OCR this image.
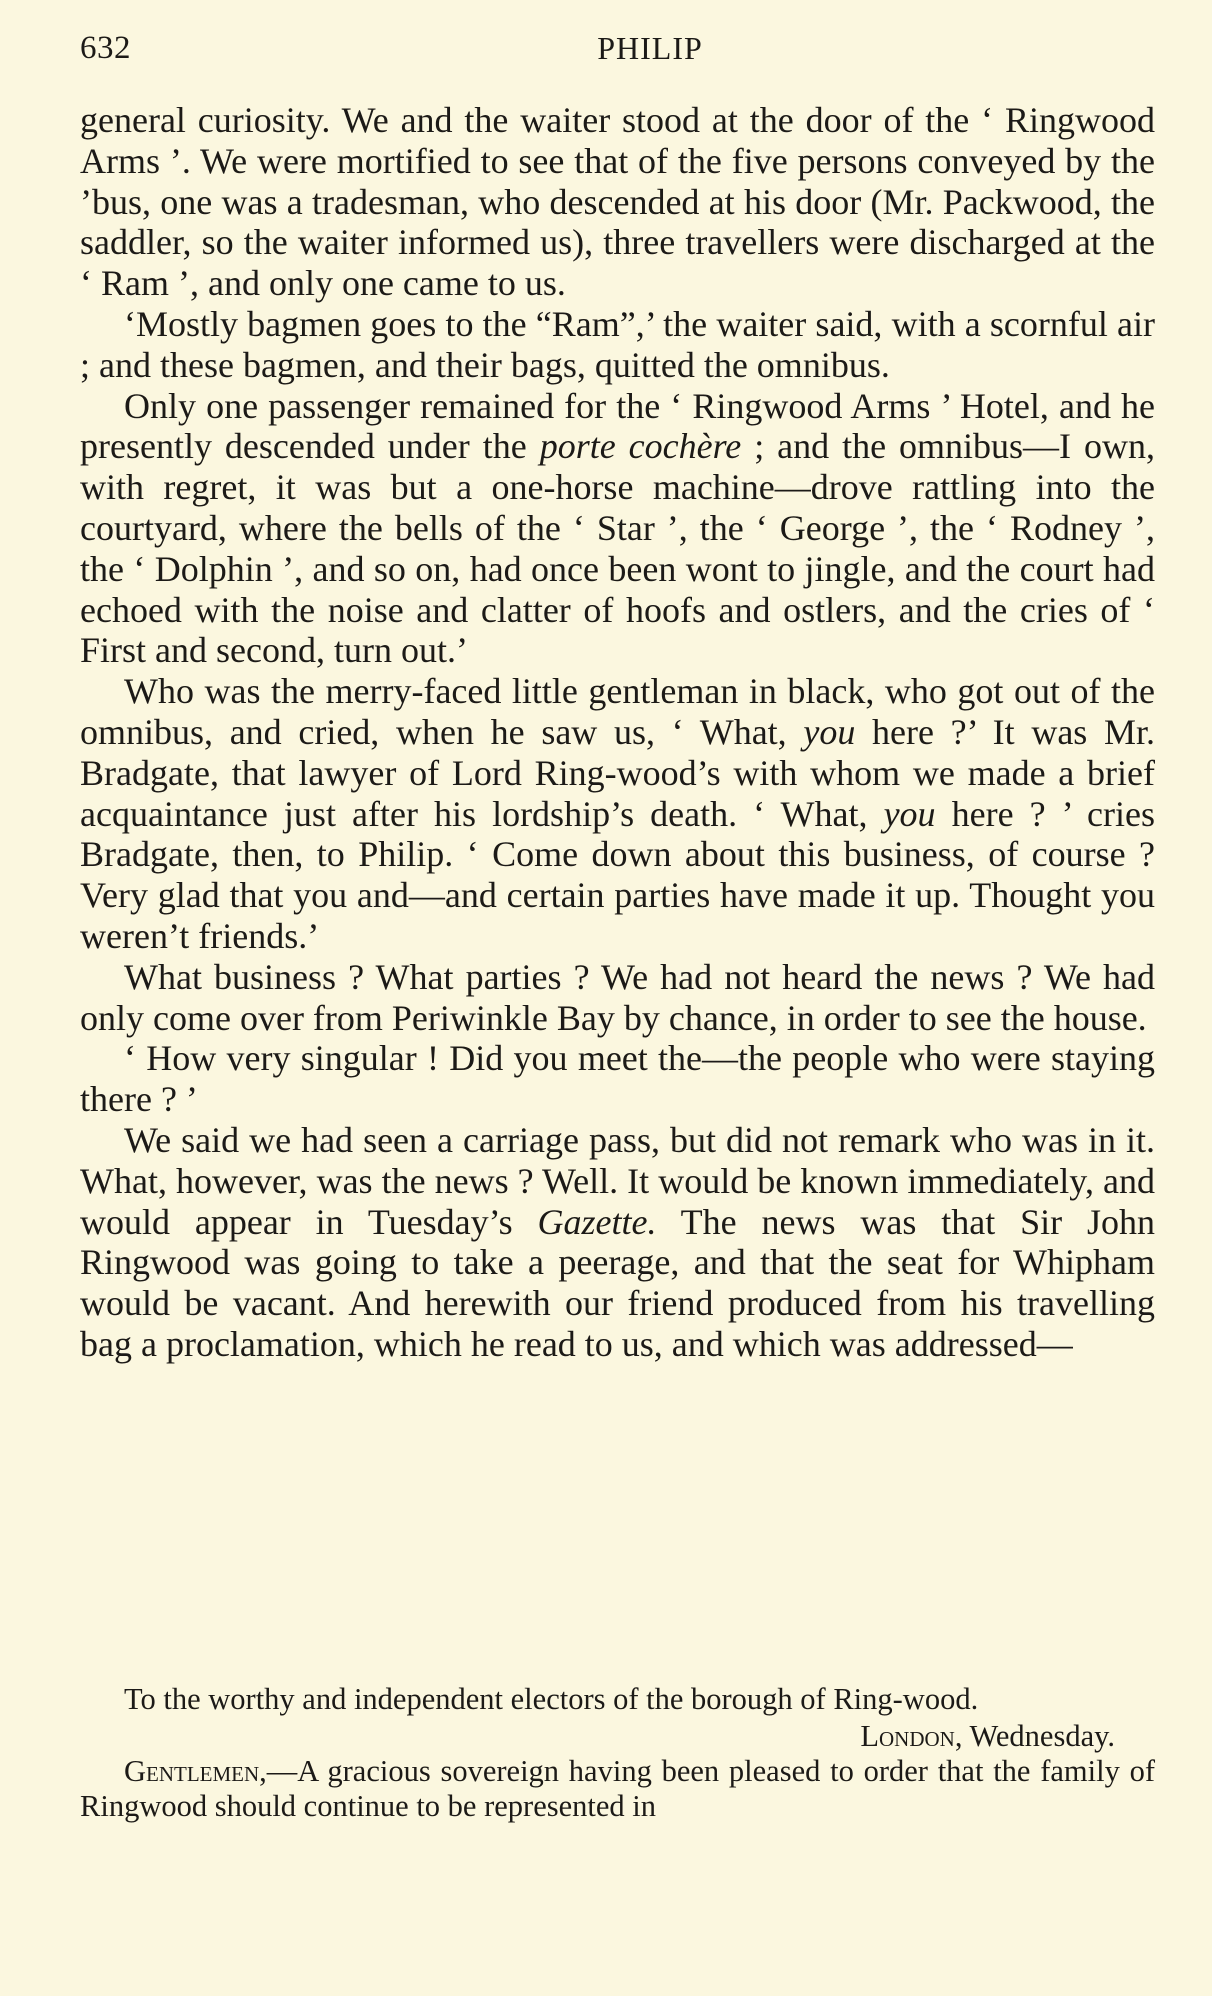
632	PHILIP

general curiosity. We and the waiter stood at the door of the ‘ Ringwood Arms ’. We were mortified to see that of the five persons conveyed by the ’bus, one was a tradesman, who descended at his door (Mr. Packwood, the saddler, so the waiter informed us), three travellers were discharged at the ‘ Ram ’, and only one came to us.

‘Mostly bagmen goes to the “Ram”,’ the waiter said, with a scornful air ; and these bagmen, and their bags, quitted the omnibus.

Only one passenger remained for the ‘ Ringwood Arms ’ Hotel, and he presently descended under the porte cochère ; and the omnibus—I own, with regret, it was but a one-horse machine—drove rattling into the courtyard, where the bells of the ‘ Star ’, the ‘ George ’, the ‘ Rodney ’, the ‘ Dolphin ’, and so on, had once been wont to jingle, and the court had echoed with the noise and clatter of hoofs and ostlers, and the cries of ‘ First and second, turn out.’

Who was the merry-faced little gentleman in black, who got out of the omnibus, and cried, when he saw us, ‘ What, you here ?’ It was Mr. Bradgate, that lawyer of Lord Ring-wood’s with whom we made a brief acquaintance just after his lordship’s death. ‘ What, you here ? ’ cries Bradgate, then, to Philip. ‘ Come down about this business, of course ? Very glad that you and—and certain parties have made it up. Thought you weren’t friends.’

What business ? What parties ? We had not heard the news ? We had only come over from Periwinkle Bay by chance, in order to see the house.

‘ How very singular ! Did you meet the—the people who were staying there ? ’

We said we had seen a carriage pass, but did not remark who was in it. What, however, was the news ? Well. It would be known immediately, and would appear in Tuesday’s Gazette. The news was that Sir John Ringwood was going to take a peerage, and that the seat for Whipham would be vacant. And herewith our friend produced from his travelling bag a proclamation, which he read to us, and which was addressed—

To the worthy and independent electors of the borough of Ring-wood.

London, Wednesday.

Gentlemen,—A gracious sovereign having been pleased to order that the family of Ringwood should continue to be represented in
